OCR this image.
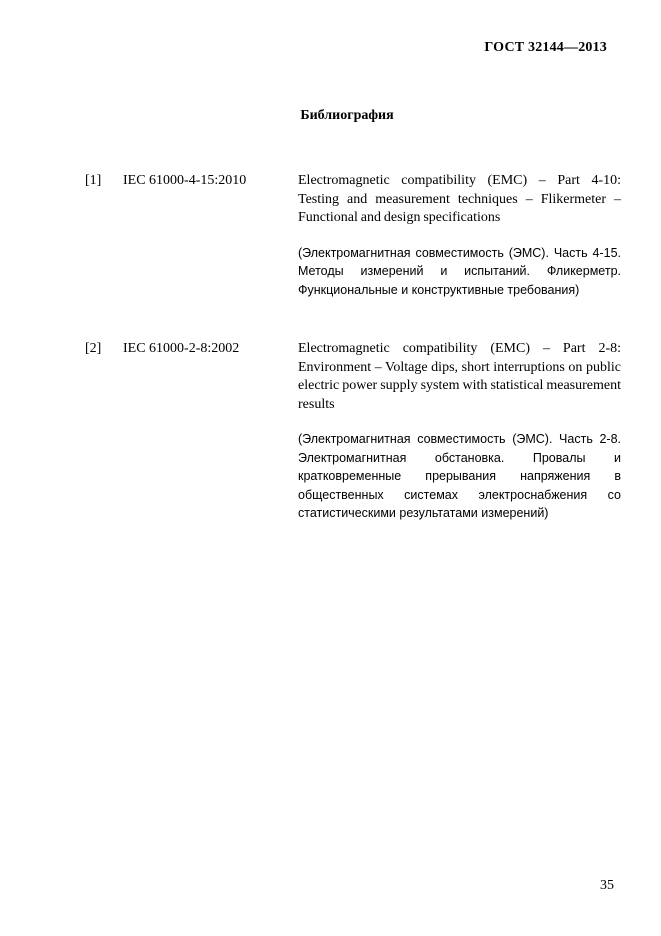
ГОСТ 32144—2013
Библиография
[1] IEC 61000-4-15:2010	Electromagnetic compatibility (EMC) – Part 4-10: Testing and measurement techniques – Flikermeter – Functional and design specifications

(Электромагнитная совместимость (ЭМС). Часть 4-15. Методы измерений и испытаний. Фликерметр. Функциональные и конструктивные требования)

[2] IEC 61000-2-8:2002	Electromagnetic compatibility (EMC) – Part 2-8: Environment – Voltage dips, short interruptions on public electric power supply system with statistical measurement results

(Электромагнитная совместимость (ЭМС). Часть 2-8. Электромагнитная обстановка. Провалы и кратковременные прерывания напряжения в общественных системах электроснабжения со статистическими результатами измерений)

35
